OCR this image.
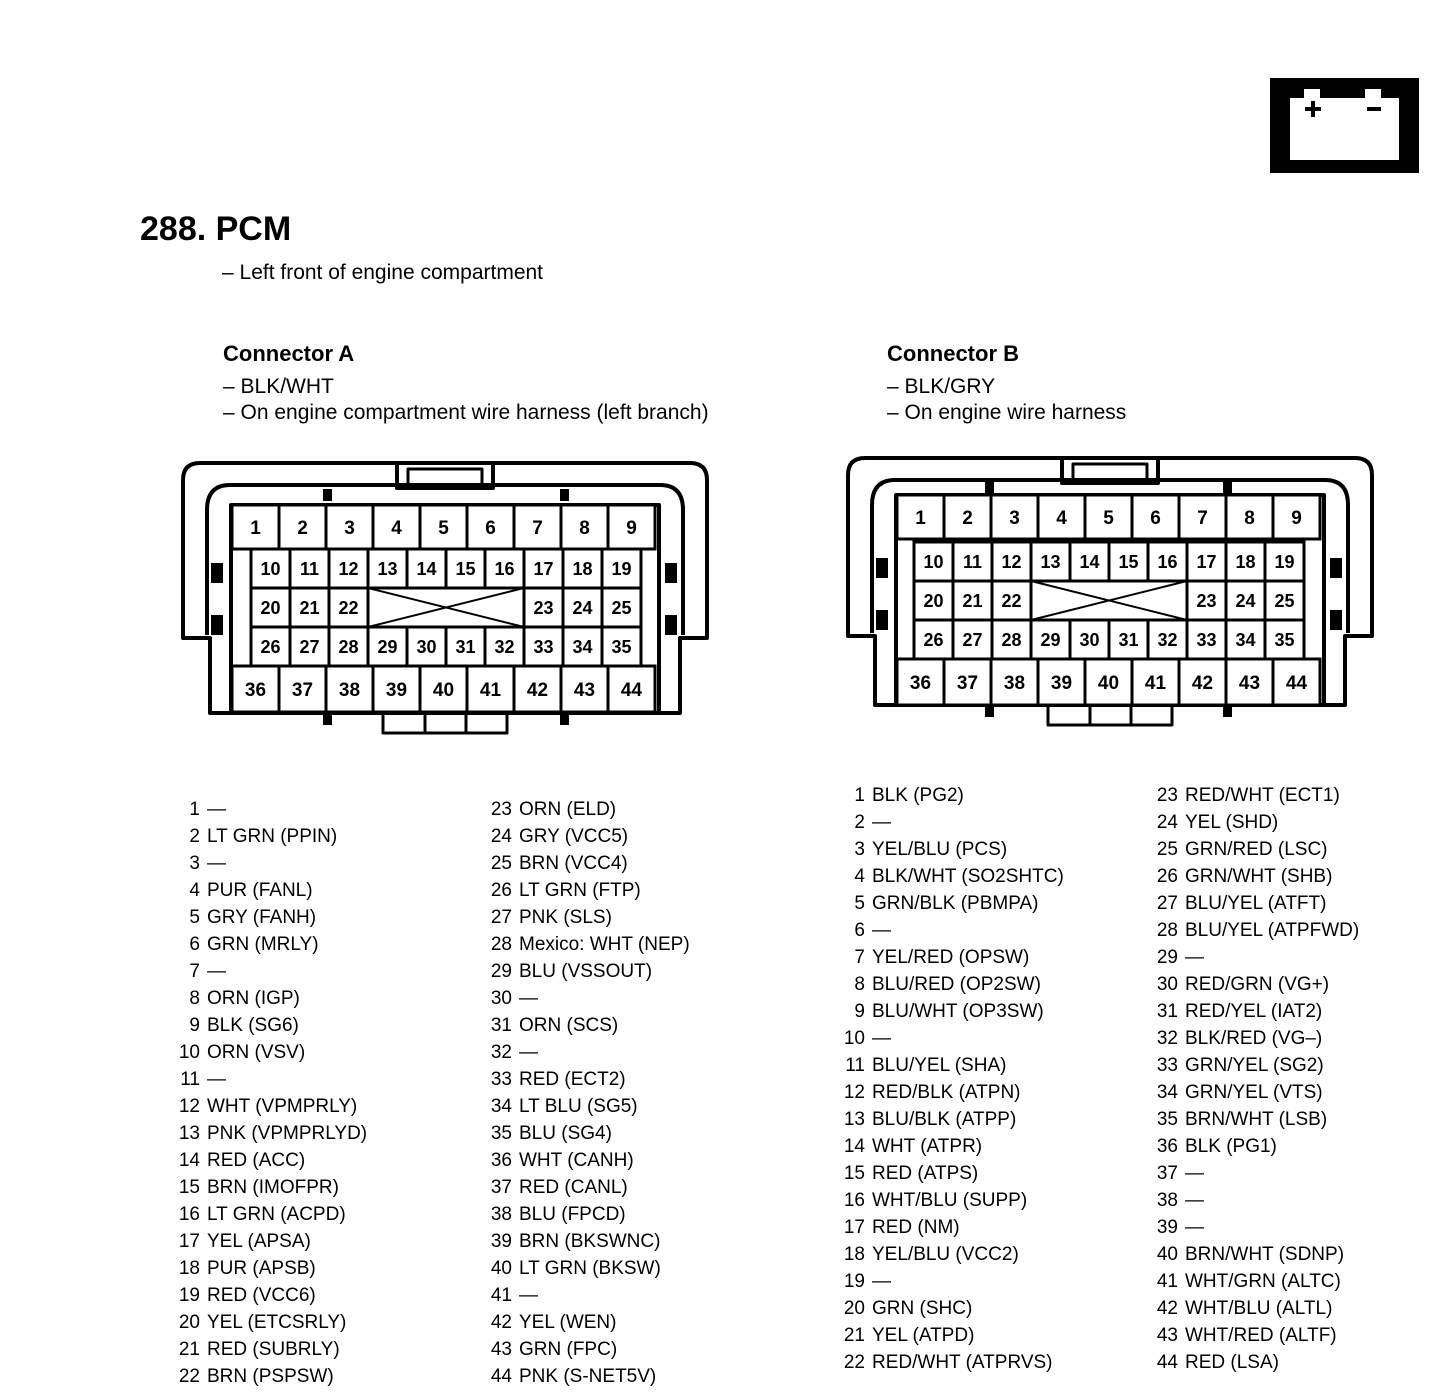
288. PCM
– Left front of engine compartment
Connector A
– BLK/WHT
– On engine compartment wire harness (left branch)
Connector B
– BLK/GRY
– On engine wire harness
1 2 3 4 5 6 7 8 9
10 11 12 13 14 15 16 17 18 19
20 21 22	23 24 25
26 27 28 29 30 31 32 33 34 35
36 37 38 39 40 41 42 43 44
1 2 3 4 5 6 7 8 9
10 11 12 13 14 15 16 17 18 19
20 21 22	23 24 25
26 27 28 29 30 31 32 33 34 35
36 37 38 39 40 41 42 43 44
1 —
2 LT GRN (PPIN)
3 —
4 PUR (FANL)
5 GRY (FANH)
6 GRN (MRLY)
7 —
8 ORN (IGP)
9 BLK (SG6)
10 ORN (VSV)
11 —
12 WHT (VPMPRLY)
13 PNK (VPMPRLYD)
14 RED (ACC)
15 BRN (IMOFPR)
16 LT GRN (ACPD)
17 YEL (APSA)
18 PUR (APSB)
19 RED (VCC6)
20 YEL (ETCSRLY)
21 RED (SUBRLY)
22 BRN (PSPSW)
23 ORN (ELD)
24 GRY (VCC5)
25 BRN (VCC4)
26 LT GRN (FTP)
27 PNK (SLS)
28 Mexico: WHT (NEP)
29 BLU (VSSOUT)
30 —
31 ORN (SCS)
32 —
33 RED (ECT2)
34 LT BLU (SG5)
35 BLU (SG4)
36 WHT (CANH)
37 RED (CANL)
38 BLU (FPCD)
39 BRN (BKSWNC)
40 LT GRN (BKSW)
41 —
42 YEL (WEN)
43 GRN (FPC)
44 PNK (S-NET5V)
1 BLK (PG2)
2 —
3 YEL/BLU (PCS)
4 BLK/WHT (SO2SHTC)
5 GRN/BLK (PBMPA)
6 —
7 YEL/RED (OPSW)
8 BLU/RED (OP2SW)
9 BLU/WHT (OP3SW)
10 —
11 BLU/YEL (SHA)
12 RED/BLK (ATPN)
13 BLU/BLK (ATPP)
14 WHT (ATPR)
15 RED (ATPS)
16 WHT/BLU (SUPP)
17 RED (NM)
18 YEL/BLU (VCC2)
19 —
20 GRN (SHC)
21 YEL (ATPD)
22 RED/WHT (ATPRVS)
23 RED/WHT (ECT1)
24 YEL (SHD)
25 GRN/RED (LSC)
26 GRN/WHT (SHB)
27 BLU/YEL (ATFT)
28 BLU/YEL (ATPFWD)
29 —
30 RED/GRN (VG+)
31 RED/YEL (IAT2)
32 BLK/RED (VG–)
33 GRN/YEL (SG2)
34 GRN/YEL (VTS)
35 BRN/WHT (LSB)
36 BLK (PG1)
37 —
38 —
39 —
40 BRN/WHT (SDNP)
41 WHT/GRN (ALTC)
42 WHT/BLU (ALTL)
43 WHT/RED (ALTF)
44 RED (LSA)
